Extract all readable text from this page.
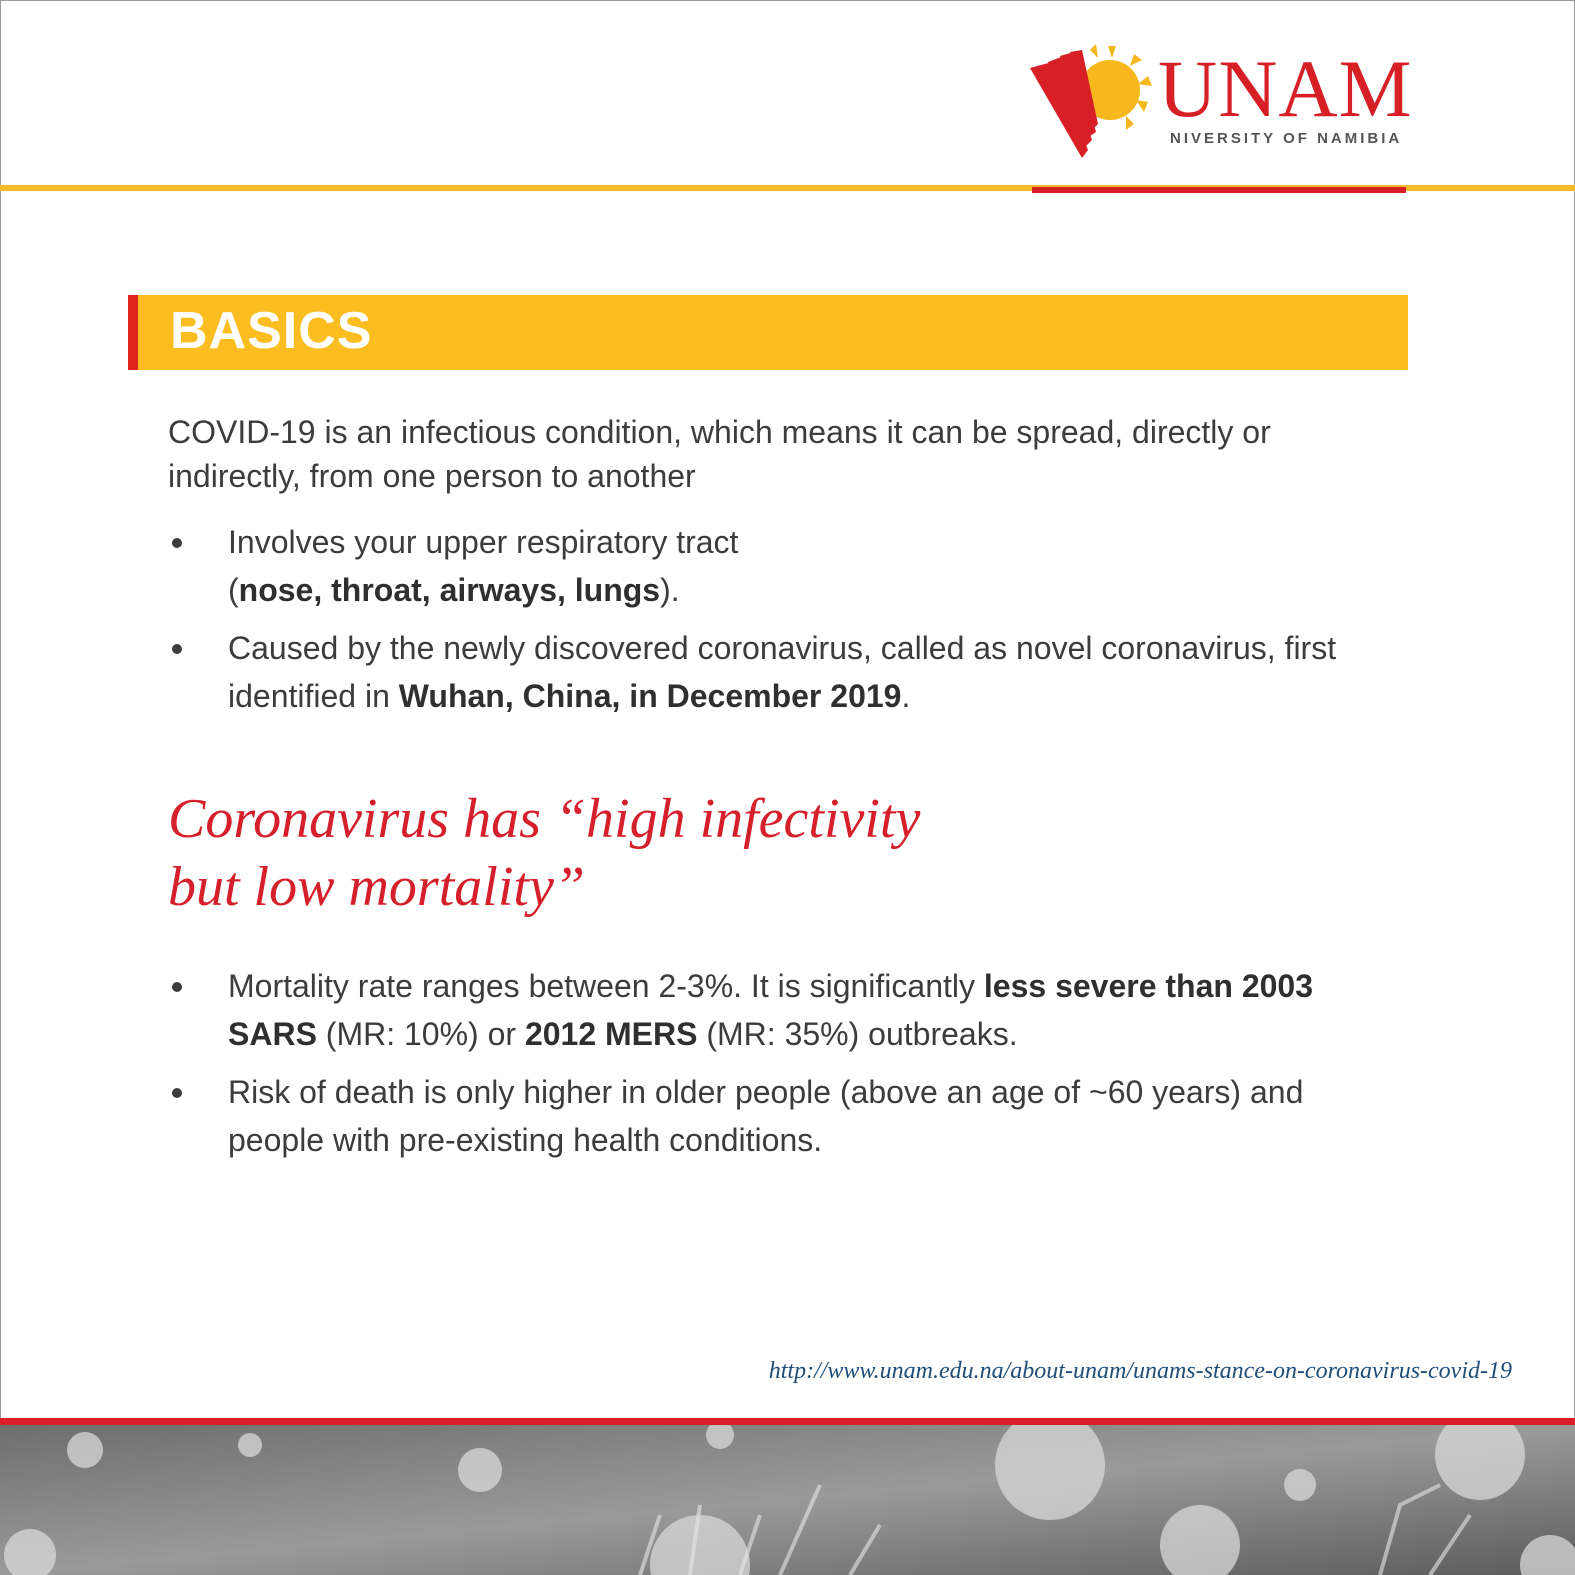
UNAM
NIVERSITY OF NAMIBIA
BASICS
COVID-19 is an infectious condition, which means it can be spread, directly or indirectly, from one person to another
Involves your upper respiratory tract
(nose, throat, airways, lungs).
Caused by the newly discovered coronavirus, called as novel coronavirus, first identified in Wuhan, China, in December 2019.
Coronavirus has “high infectivity
but low mortality”
Mortality rate ranges between 2-3%. It is significantly less severe than 2003 SARS (MR: 10%) or 2012 MERS (MR: 35%) outbreaks.
Risk of death is only higher in older people (above an age of ~60 years) and people with pre-existing health conditions.
http://www.unam.edu.na/about-unam/unams-stance-on-coronavirus-covid-19
